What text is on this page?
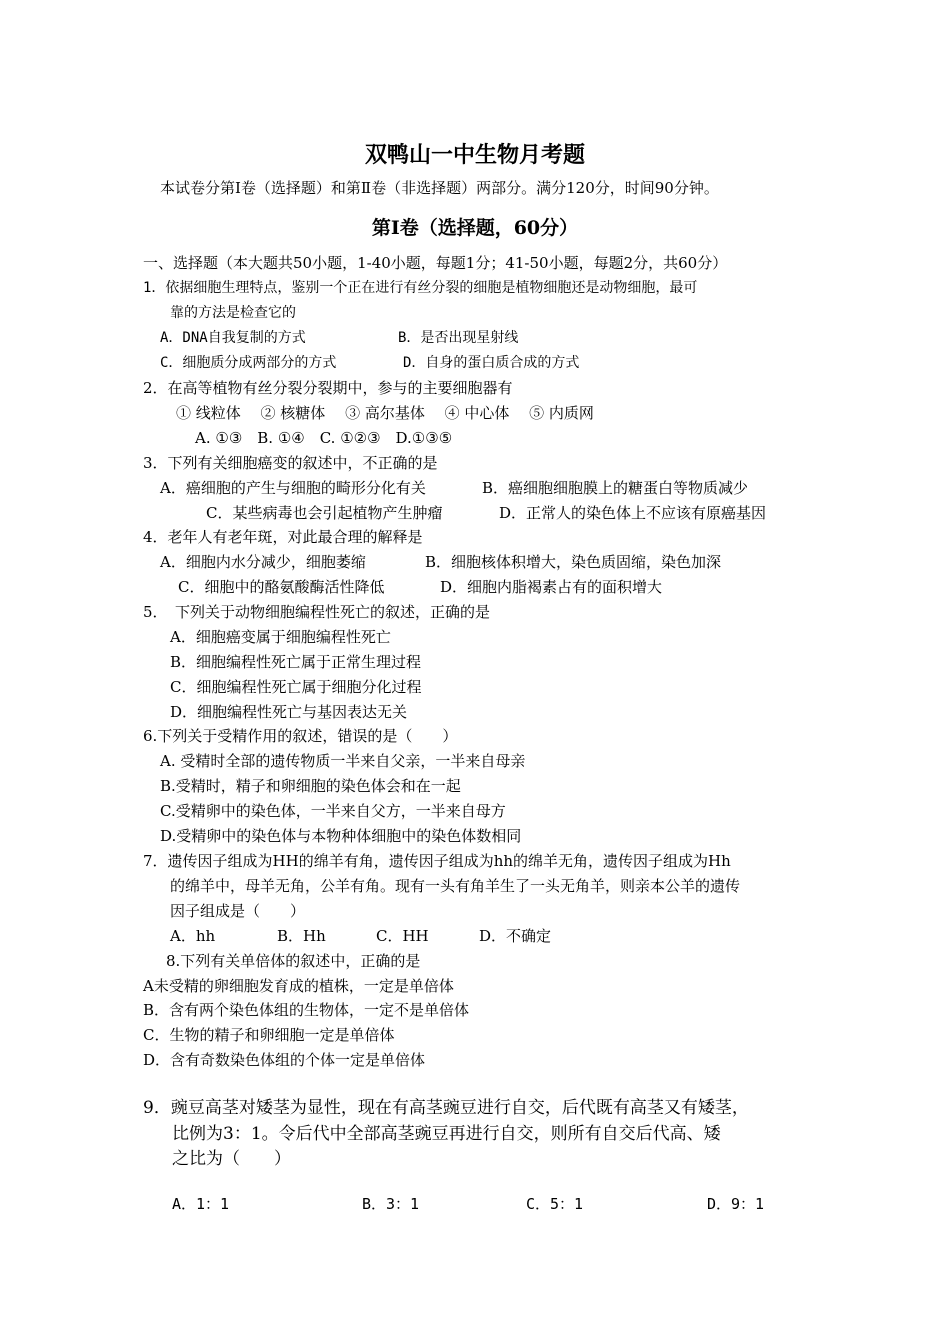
双鸭山一中生物月考题
本试卷分第Ⅰ卷（选择题）和第Ⅱ卷（非选择题）两部分。满分120分，时间90分钟。
第Ⅰ卷（选择题，60分）
一、选择题（本大题共50小题，1-40小题，每题1分；41-50小题，每题2分，共60分）
1．依据细胞生理特点，鉴别一个正在进行有丝分裂的细胞是植物细胞还是动物细胞，最可
靠的方法是检查它的
A．DNA自我复制的方式	B．是否出现星射线
C．细胞质分成两部分的方式	D．自身的蛋白质合成的方式
2．在高等植物有丝分裂分裂期中，参与的主要细胞器有
① 线粒体　 ② 核糖体　 ③ 高尔基体　 ④ 中心体　 ⑤ 内质网
A. ①③　B. ①④　C. ①②③　D.①③⑤
3．下列有关细胞癌变的叙述中，不正确的是
A．癌细胞的产生与细胞的畸形分化有关	B．癌细胞细胞膜上的糖蛋白等物质减少
C．某些病毒也会引起植物产生肿瘤	D．正常人的染色体上不应该有原癌基因
4．老年人有老年斑，对此最合理的解释是
A．细胞内水分减少，细胞萎缩	B．细胞核体积增大，染色质固缩，染色加深
C．细胞中的酪氨酸酶活性降低	D．细胞内脂褐素占有的面积增大
5．　下列关于动物细胞编程性死亡的叙述，正确的是
A．细胞癌变属于细胞编程性死亡
B．细胞编程性死亡属于正常生理过程
C．细胞编程性死亡属于细胞分化过程
D．细胞编程性死亡与基因表达无关
6.下列关于受精作用的叙述，错误的是（　　）
A. 受精时全部的遗传物质一半来自父亲，一半来自母亲
B.受精时，精子和卵细胞的染色体会和在一起
C.受精卵中的染色体，一半来自父方，一半来自母方
D.受精卵中的染色体与本物种体细胞中的染色体数相同
7．遗传因子组成为HH的绵羊有角，遗传因子组成为hh的绵羊无角，遗传因子组成为Hh
的绵羊中，母羊无角，公羊有角。现有一头有角羊生了一头无角羊，则亲本公羊的遗传
因子组成是（　　）
A．hh	B．Hh	C．HH	D．不确定
8.下列有关单倍体的叙述中，正确的是
A未受精的卵细胞发育成的植株，一定是单倍体
B．含有两个染色体组的生物体，一定不是单倍体
C．生物的精子和卵细胞一定是单倍体
D．含有奇数染色体组的个体一定是单倍体
9．豌豆高茎对矮茎为显性，现在有高茎豌豆进行自交，后代既有高茎又有矮茎，
比例为3：1。令后代中全部高茎豌豆再进行自交，则所有自交后代高、矮
之比为（　　）
A．1：1	B．3：1	C．5：1	D．9：1
